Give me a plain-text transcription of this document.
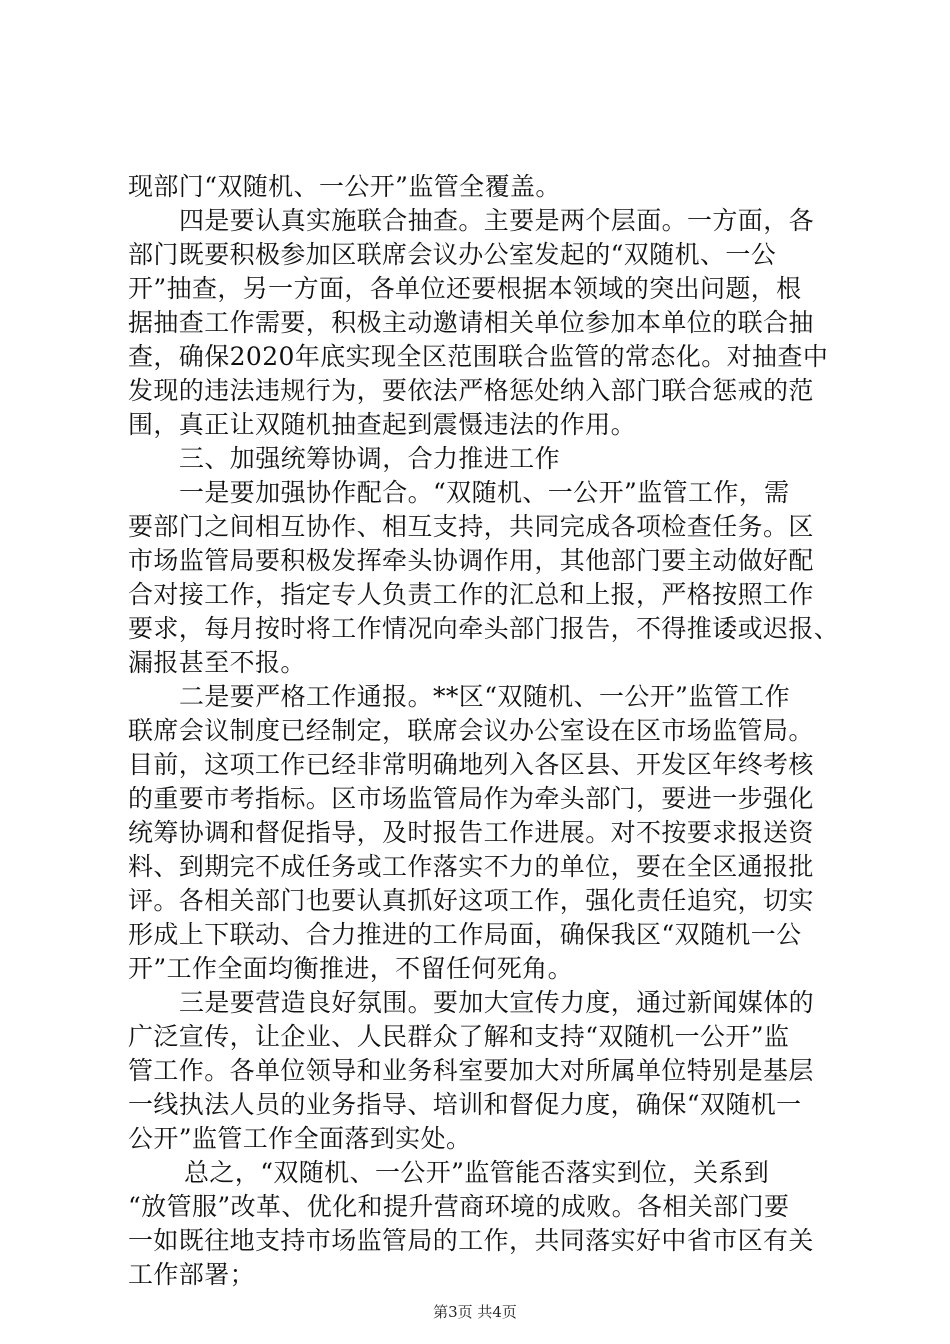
现部门“双随机、一公开”监管全覆盖。
四是要认真实施联合抽查。主要是两个层面。一方面，各
部门既要积极参加区联席会议办公室发起的“双随机、一公
开”抽查，另一方面，各单位还要根据本领域的突出问题，根
据抽查工作需要，积极主动邀请相关单位参加本单位的联合抽
查，确保2020年底实现全区范围联合监管的常态化。对抽查中
发现的违法违规行为，要依法严格惩处纳入部门联合惩戒的范
围，真正让双随机抽查起到震慑违法的作用。
三、加强统筹协调，合力推进工作
一是要加强协作配合。“双随机、一公开”监管工作，需
要部门之间相互协作、相互支持，共同完成各项检查任务。区
市场监管局要积极发挥牵头协调作用，其他部门要主动做好配
合对接工作，指定专人负责工作的汇总和上报，严格按照工作
要求，每月按时将工作情况向牵头部门报告，不得推诿或迟报、
漏报甚至不报。
二是要严格工作通报。**区“双随机、一公开”监管工作
联席会议制度已经制定，联席会议办公室设在区市场监管局。
目前，这项工作已经非常明确地列入各区县、开发区年终考核
的重要市考指标。区市场监管局作为牵头部门，要进一步强化
统筹协调和督促指导，及时报告工作进展。对不按要求报送资
料、到期完不成任务或工作落实不力的单位，要在全区通报批
评。各相关部门也要认真抓好这项工作，强化责任追究，切实
形成上下联动、合力推进的工作局面，确保我区“双随机一公
开”工作全面均衡推进，不留任何死角。
三是要营造良好氛围。要加大宣传力度，通过新闻媒体的
广泛宣传，让企业、人民群众了解和支持“双随机一公开”监
管工作。各单位领导和业务科室要加大对所属单位特别是基层
一线执法人员的业务指导、培训和督促力度，确保“双随机一
公开”监管工作全面落到实处。
总之，“双随机、一公开”监管能否落实到位，关系到
“放管服”改革、优化和提升营商环境的成败。各相关部门要
一如既往地支持市场监管局的工作，共同落实好中省市区有关
工作部署；
第3页 共4页
